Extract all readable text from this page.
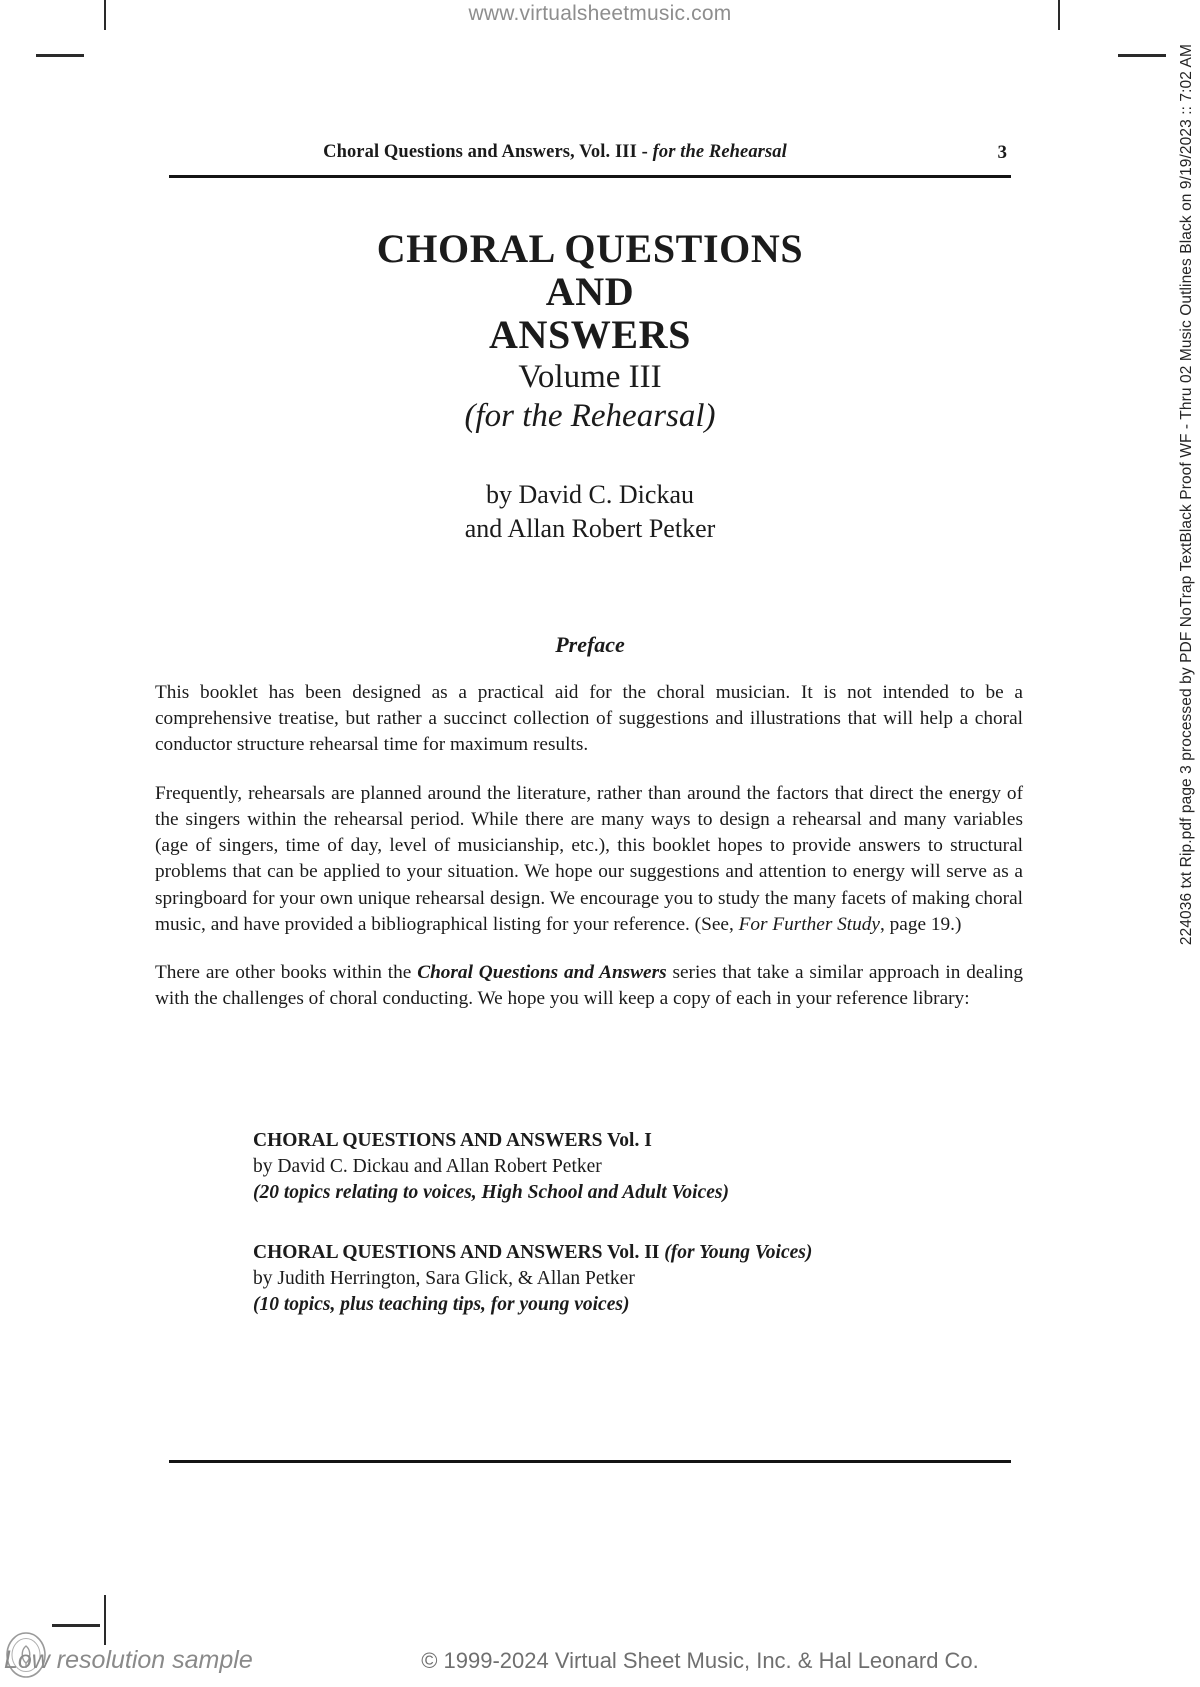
www.virtualsheetmusic.com
224036 txt Rip.pdf page 3 processed by PDF NoTrap TextBlack Proof WF - Thru 02 Music Outlines Black on 9/19/2023 :: 7:02 AM
Choral Questions and Answers, Vol. III - for the Rehearsal	3
CHORAL QUESTIONS
AND
ANSWERS
Volume III
(for the Rehearsal)
by David C. Dickau
and Allan Robert Petker
Preface

This booklet has been designed as a practical aid for the choral musician. It is not intended to be a comprehensive treatise, but rather a succinct collection of suggestions and illustrations that will help a choral conductor structure rehearsal time for maximum results.

Frequently, rehearsals are planned around the literature, rather than around the factors that direct the energy of the singers within the rehearsal period. While there are many ways to design a rehearsal and many variables (age of singers, time of day, level of musicianship, etc.), this booklet hopes to provide answers to structural problems that can be applied to your situation. We hope our suggestions and attention to energy will serve as a springboard for your own unique rehearsal design. We encourage you to study the many facets of making choral music, and have provided a bibliographical listing for your reference. (See, For Further Study, page 19.)

There are other books within the Choral Questions and Answers series that take a similar approach in dealing with the challenges of choral conducting. We hope you will keep a copy of each in your reference library:

CHORAL QUESTIONS AND ANSWERS Vol. I
by David C. Dickau and Allan Robert Petker
(20 topics relating to voices, High School and Adult Voices)
CHORAL QUESTIONS AND ANSWERS Vol. II (for Young Voices)
by Judith Herrington, Sara Glick, & Allan Petker
(10 topics, plus teaching tips, for young voices)
Low resolution sample	© 1999-2024 Virtual Sheet Music, Inc. & Hal Leonard Co.
